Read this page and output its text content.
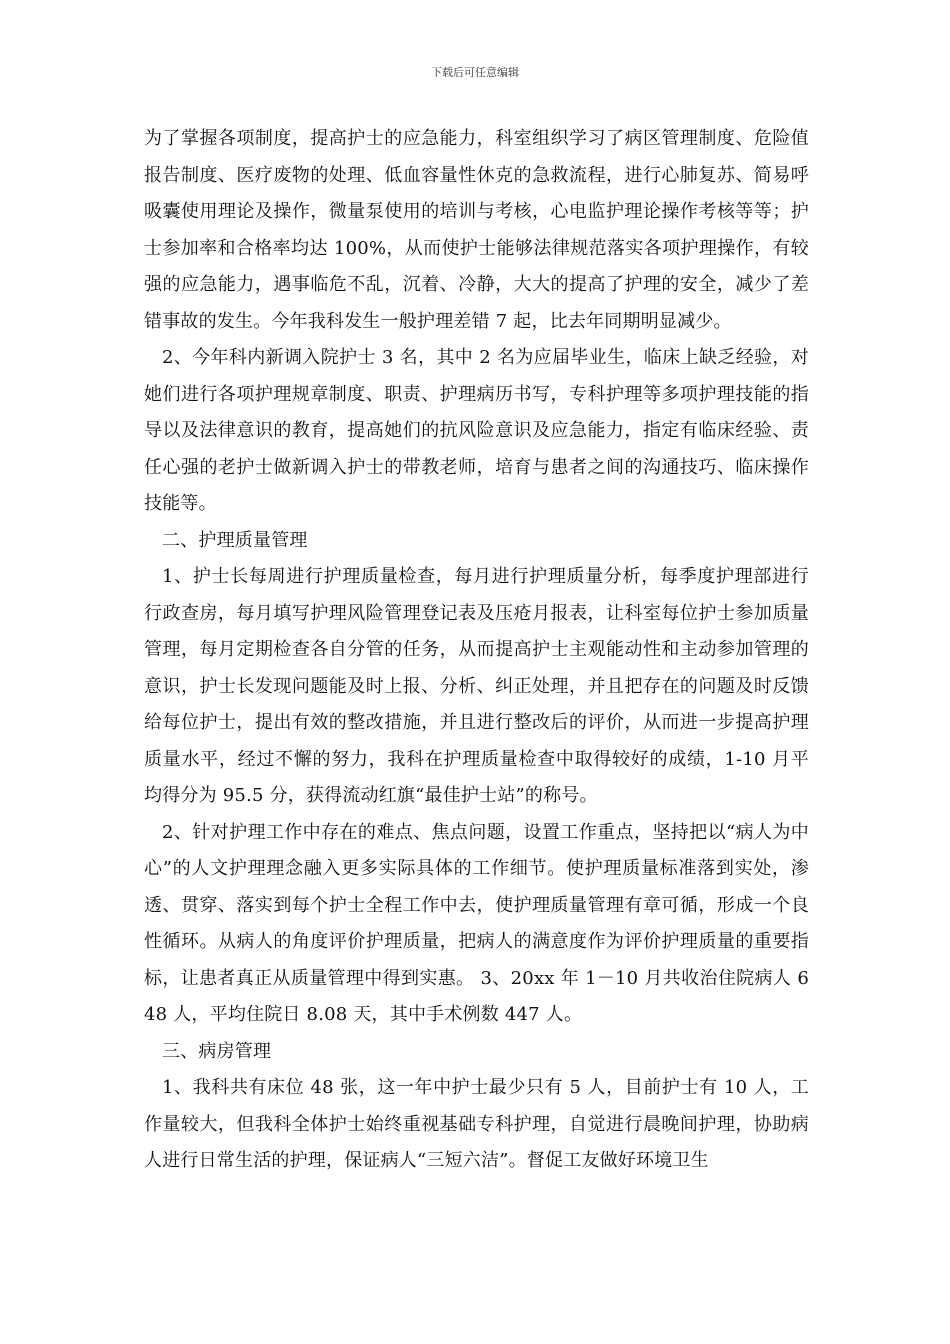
下载后可任意编辑

为了掌握各项制度，提高护士的应急能力，科室组织学习了病区管理制度、危险值报告制度、医疗废物的处理、低血容量性休克的急救流程，进行心肺复苏、简易呼吸囊使用理论及操作，微量泵使用的培训与考核，心电监护理论操作考核等等；护士参加率和合格率均达 100%，从而使护士能够法律规范落实各项护理操作，有较强的应急能力，遇事临危不乱，沉着、冷静，大大的提高了护理的安全，减少了差错事故的发生。今年我科发生一般护理差错 7 起，比去年同期明显减少。

2、今年科内新调入院护士 3 名，其中 2 名为应届毕业生，临床上缺乏经验，对她们进行各项护理规章制度、职责、护理病历书写，专科护理等多项护理技能的指导以及法律意识的教育，提高她们的抗风险意识及应急能力，指定有临床经验、责任心强的老护士做新调入护士的带教老师，培育与患者之间的沟通技巧、临床操作技能等。

二、护理质量管理

1、护士长每周进行护理质量检查，每月进行护理质量分析，每季度护理部进行行政查房，每月填写护理风险管理登记表及压疮月报表，让科室每位护士参加质量管理，每月定期检查各自分管的任务，从而提高护士主观能动性和主动参加管理的意识，护士长发现问题能及时上报、分析、纠正处理，并且把存在的问题及时反馈给每位护士，提出有效的整改措施，并且进行整改后的评价，从而进一步提高护理质量水平，经过不懈的努力，我科在护理质量检查中取得较好的成绩，1-10 月平均得分为 95.5 分，获得流动红旗“最佳护士站”的称号。

2、针对护理工作中存在的难点、焦点问题，设置工作重点，坚持把以“病人为中心”的人文护理理念融入更多实际具体的工作细节。使护理质量标准落到实处，渗透、贯穿、落实到每个护士全程工作中去，使护理质量管理有章可循，形成一个良性循环。从病人的角度评价护理质量，把病人的满意度作为评价护理质量的重要指标，让患者真正从质量管理中得到实惠。 3、20xx 年 1－10 月共收治住院病人 648 人，平均住院日 8.08 天，其中手术例数 447 人。

三、病房管理

1、我科共有床位 48 张，这一年中护士最少只有 5 人，目前护士有 10 人，工作量较大，但我科全体护士始终重视基础专科护理，自觉进行晨晚间护理，协助病人进行日常生活的护理，保证病人“三短六洁”。督促工友做好环境卫生
